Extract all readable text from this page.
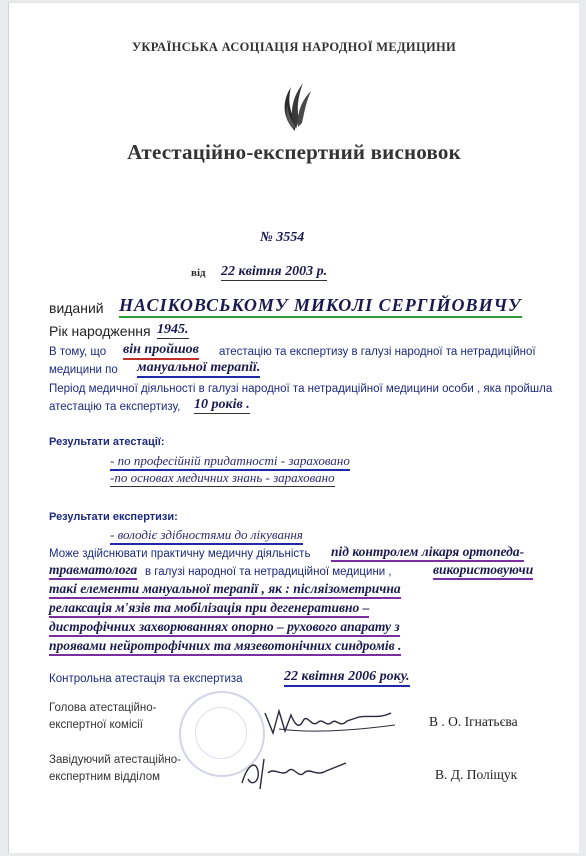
УКРАЇНСЬКА АСОЦІАЦІЯ НАРОДНОЇ МЕДИЦИНИ
Атестаційно-експертний висновок
№ 3554
від 22 квітня 2003 р.
виданий НАСІКОВСЬКОМУ МИКОЛІ СЕРГІЙОВИЧУ
Рік народження 1945.
В тому, що він пройшов атестацію та експертизу в галузі народної та нетрадиційної
медицини по мануальної терапії.
Період медичної діяльності в галузі народної та нетрадиційної медицини особи , яка пройшла
атестацію та експертизу, 10 років .
Результати атестації:
- по професійній придатності - зараховано
-по основах медичних знань - зараховано
Результати експертизи:
- володіє здібностями до лікування
Може здійснювати практичну медичну діяльність під контролем лікаря ортопеда-
травматолога в галузі народної та нетрадиційної медицини ,	використовуючи
такі елементи мануальної терапії , як : післяізометрична
релаксація м'язів та мобілізація при дегенеративно –
дистрофічних захворюваннях опорно – рухового апарату з
проявами нейротрофічних та мязевотонічних синдромів .
Контрольна атестація та експертиза	22 квітня 2006 року.
Голова атестаційно-
експертної комісії	В . О. Ігнатьєва
Завідуючий атестаційно-
експертним відділом	В. Д. Поліщук
